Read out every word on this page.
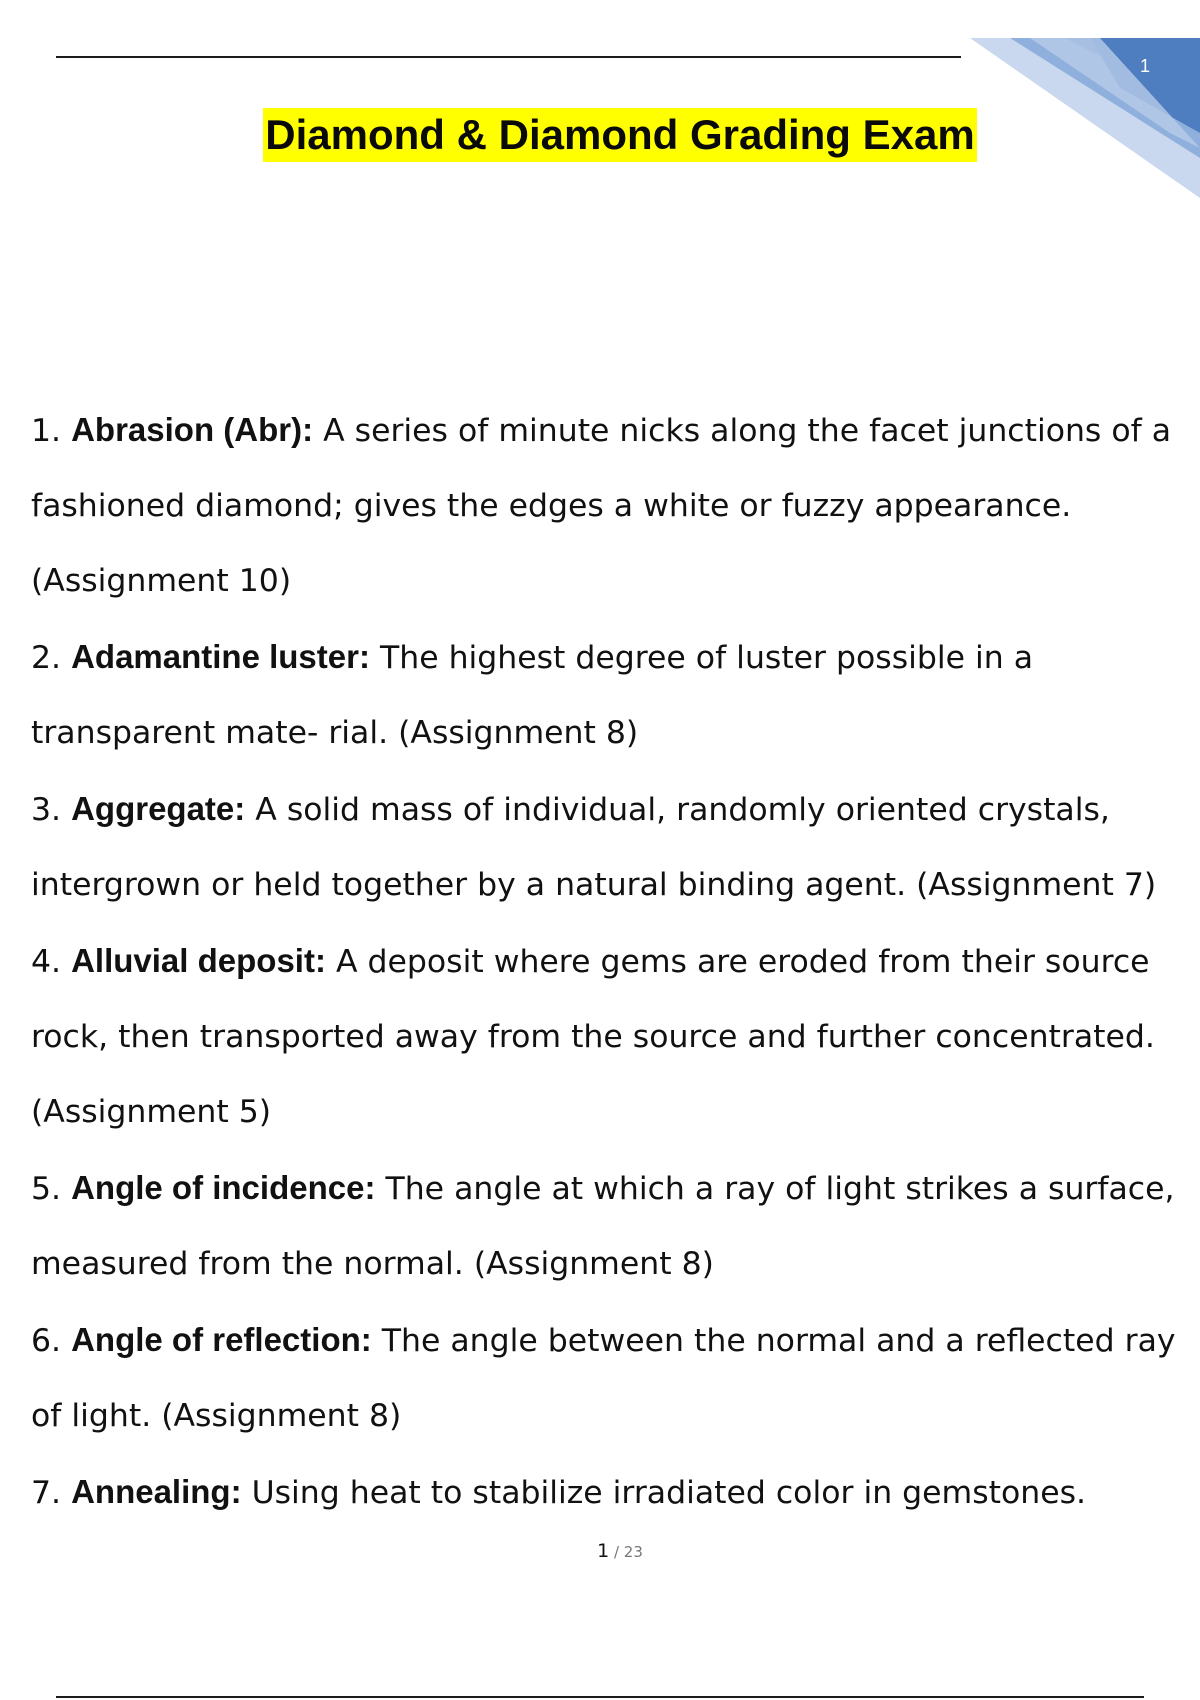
1
Diamond & Diamond Grading Exam
1. Abrasion (Abr): A series of minute nicks along the facet junctions of a fashioned diamond; gives the edges a white or fuzzy appearance. (Assignment 10)
2. Adamantine luster: The highest degree of luster possible in a transparent mate- rial. (Assignment 8)
3. Aggregate: A solid mass of individual, randomly oriented crystals, intergrown or held together by a natural binding agent. (Assignment 7)
4. Alluvial deposit: A deposit where gems are eroded from their source rock, then transported away from the source and further concentrated. (Assignment 5)
5. Angle of incidence: The angle at which a ray of light strikes a surface, measured from the normal. (Assignment 8)
6. Angle of reflection: The angle between the normal and a reflected ray of light. (Assignment 8)
7. Annealing: Using heat to stabilize irradiated color in gemstones.
1 / 23
